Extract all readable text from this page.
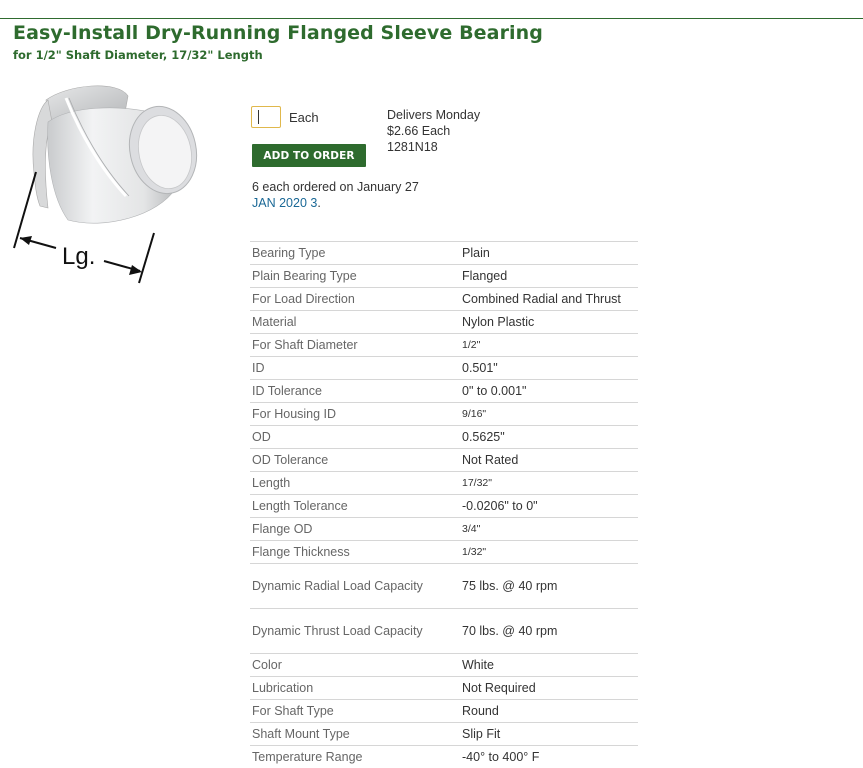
Easy-Install Dry-Running Flanged Sleeve Bearing
for 1/2" Shaft Diameter, 17/32" Length
Lg.
Each
ADD TO ORDER
Delivers Monday
$2.66 Each
1281N18
6 each ordered on January 27
JAN 2020 3.
Bearing Type	Plain
Plain Bearing Type	Flanged
For Load Direction	Combined Radial and Thrust
Material	Nylon Plastic
For Shaft Diameter	1/2"
ID	0.501"
ID Tolerance	0" to 0.001"
For Housing ID	9/16"
OD	0.5625"
OD Tolerance	Not Rated
Length	17/32"
Length Tolerance	-0.0206" to 0"
Flange OD	3/4"
Flange Thickness	1/32"
Dynamic Radial Load Capacity	75 lbs. @ 40 rpm
Dynamic Thrust Load Capacity	70 lbs. @ 40 rpm
Color	White
Lubrication	Not Required
For Shaft Type	Round
Shaft Mount Type	Slip Fit
Temperature Range	-40° to 400° F
